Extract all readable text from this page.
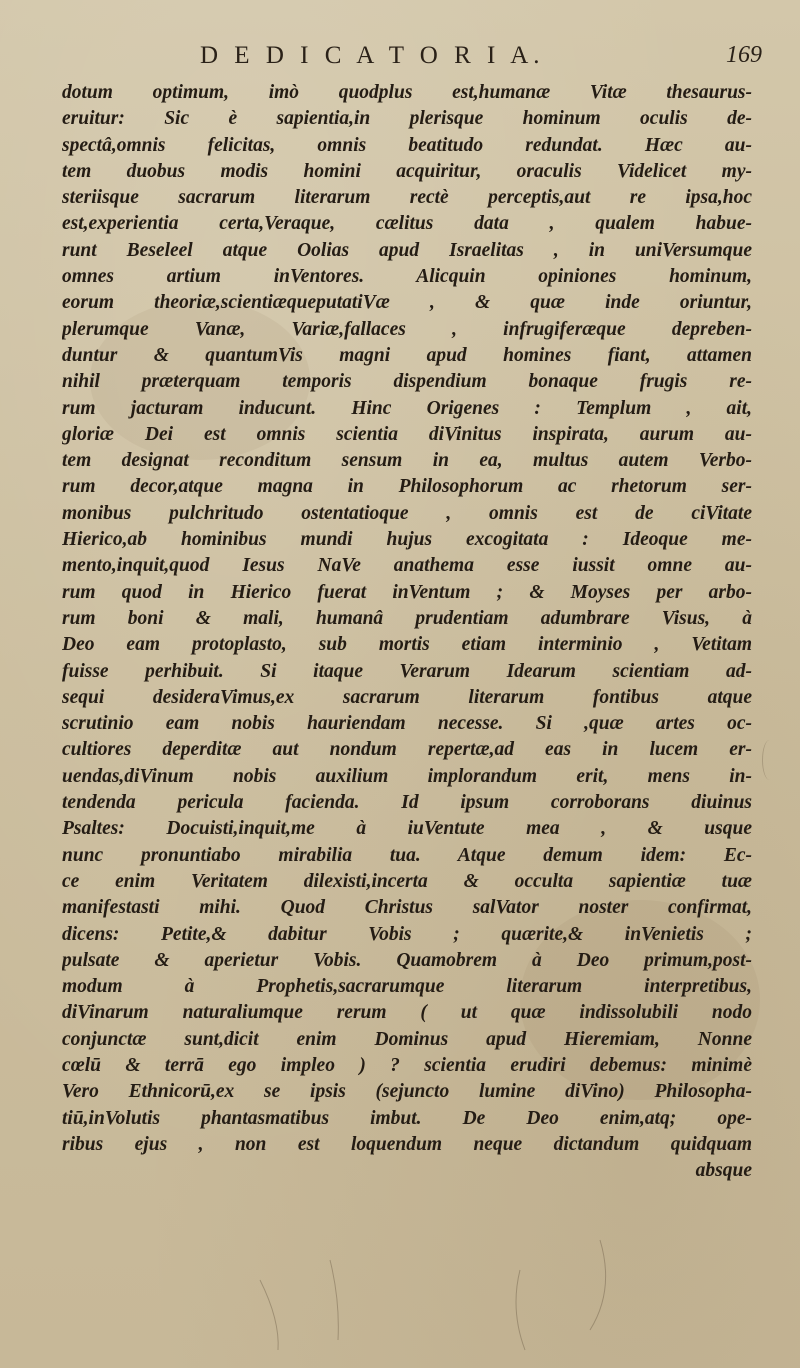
D E D I C A T O R I A.	169
dotum optimum, imò quodplus est,humanæ Vitæ thesaurus-
eruitur: Sic è sapientia,in plerisque hominum oculis de-
spectâ,omnis felicitas, omnis beatitudo redundat. Hæc au-
tem duobus modis homini acquiritur, oraculis Videlicet my-
steriisque sacrarum literarum rectè perceptis,aut re ipsa,hoc
est,experientia certa,Veraque, cælitus data , qualem habue-
runt Beseleel atque Oolias apud Israelitas , in uniVersumque
omnes artium inVentores. Alicquin opiniones hominum,
eorum theoriæ,scientiæqueputatiVæ , & quæ inde oriuntur,
plerumque Vanæ, Variæ,fallaces , infrugiferæque depreben-
duntur & quantumVis magni apud homines fiant, attamen
nihil præterquam temporis dispendium bonaque frugis re-
rum jacturam inducunt. Hinc Origenes : Templum , ait,
gloriæ Dei est omnis scientia diVinitus inspirata, aurum au-
tem designat reconditum sensum in ea, multus autem Verbo-
rum decor,atque magna in Philosophorum ac rhetorum ser-
monibus pulchritudo ostentatioque , omnis est de ciVitate
Hierico,ab hominibus mundi hujus excogitata : Ideoque me-
mento,inquit,quod Iesus NaVe anathema esse iussit omne au-
rum quod in Hierico fuerat inVentum ; & Moyses per arbo-
rum boni & mali, humanâ prudentiam adumbrare Visus, à
Deo eam protoplasto, sub mortis etiam interminio , Vetitam
fuisse perhibuit. Si itaque Verarum Idearum scientiam ad-
sequi desideraVimus,ex sacrarum literarum fontibus atque
scrutinio eam nobis hauriendam necesse. Si ,quæ artes oc-
cultiores deperditæ aut nondum repertæ,ad eas in lucem er-
uendas,diVinum nobis auxilium implorandum erit, mens in-
tendenda pericula facienda. Id ipsum corroborans diuinus
Psaltes: Docuisti,inquit,me à iuVentute mea , & usque
nunc pronuntiabo mirabilia tua. Atque demum idem: Ec-
ce enim Veritatem dilexisti,incerta & occulta sapientiæ tuæ
manifestasti mihi. Quod Christus salVator noster confirmat,
dicens: Petite,& dabitur Vobis ; quærite,& inVenietis ;
pulsate & aperietur Vobis. Quamobrem à Deo primum,post-
modum à Prophetis,sacrarumque literarum interpretibus,
diVinarum naturaliumque rerum ( ut quæ indissolubili nodo
conjunctæ sunt,dicit enim Dominus apud Hieremiam, Nonne
cœlū & terrā ego impleo ) ? scientia erudiri debemus: minimè
Vero Ethnicorū,ex se ipsis (sejuncto lumine diVino) Philosopha-
tiū,inVolutis phantasmatibus imbut. De Deo enim,atq; ope-
ribus ejus , non est loquendum neque dictandum quidquam
absque
